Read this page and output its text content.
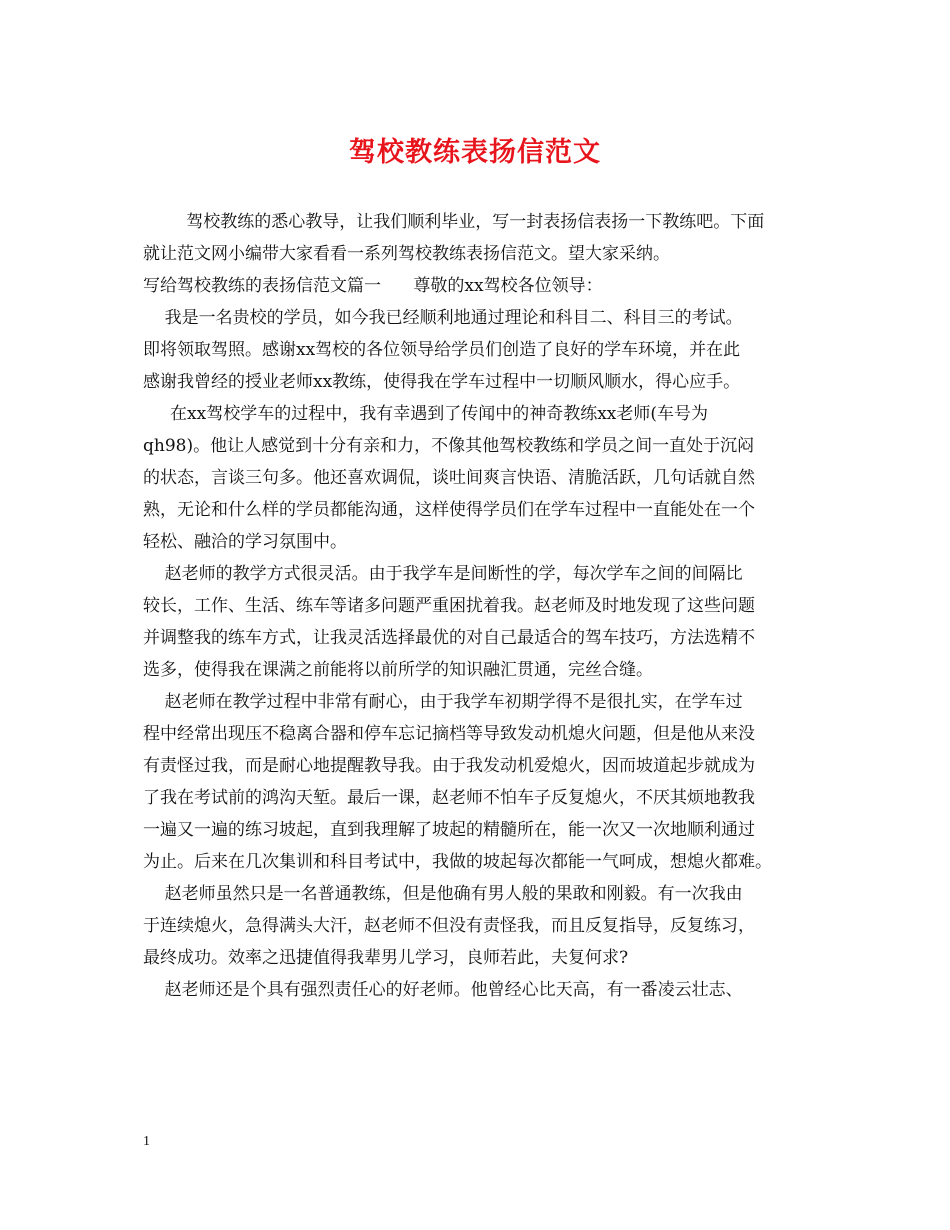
驾校教练表扬信范文
驾校教练的悉心教导，让我们顺利毕业，写一封表扬信表扬一下教练吧。下面
就让范文网小编带大家看看一系列驾校教练表扬信范文。望大家采纳。
写给驾校教练的表扬信范文篇一      尊敬的xx驾校各位领导：
我是一名贵校的学员，如今我已经顺利地通过理论和科目二、科目三的考试。
即将领取驾照。感谢xx驾校的各位领导给学员们创造了良好的学车环境，并在此
感谢我曾经的授业老师xx教练，使得我在学车过程中一切顺风顺水，得心应手。
在xx驾校学车的过程中，我有幸遇到了传闻中的神奇教练xx老师(车号为
qh98)。他让人感觉到十分有亲和力，不像其他驾校教练和学员之间一直处于沉闷
的状态，言谈三句多。他还喜欢调侃，谈吐间爽言快语、清脆活跃，几句话就自然
熟，无论和什么样的学员都能沟通，这样使得学员们在学车过程中一直能处在一个
轻松、融洽的学习氛围中。
赵老师的教学方式很灵活。由于我学车是间断性的学，每次学车之间的间隔比
较长，工作、生活、练车等诸多问题严重困扰着我。赵老师及时地发现了这些问题
并调整我的练车方式，让我灵活选择最优的对自己最适合的驾车技巧，方法选精不
选多，使得我在课满之前能将以前所学的知识融汇贯通，完丝合缝。
赵老师在教学过程中非常有耐心，由于我学车初期学得不是很扎实，在学车过
程中经常出现压不稳离合器和停车忘记摘档等导致发动机熄火问题，但是他从来没
有责怪过我，而是耐心地提醒教导我。由于我发动机爱熄火，因而坡道起步就成为
了我在考试前的鸿沟天堑。最后一课，赵老师不怕车子反复熄火，不厌其烦地教我
一遍又一遍的练习坡起，直到我理解了坡起的精髓所在，能一次又一次地顺利通过
为止。后来在几次集训和科目考试中，我做的坡起每次都能一气呵成，想熄火都难。
赵老师虽然只是一名普通教练，但是他确有男人般的果敢和刚毅。有一次我由
于连续熄火，急得满头大汗，赵老师不但没有责怪我，而且反复指导，反复练习，
最终成功。效率之迅捷值得我辈男儿学习，良师若此，夫复何求?
赵老师还是个具有强烈责任心的好老师。他曾经心比天高，有一番凌云壮志、
1
